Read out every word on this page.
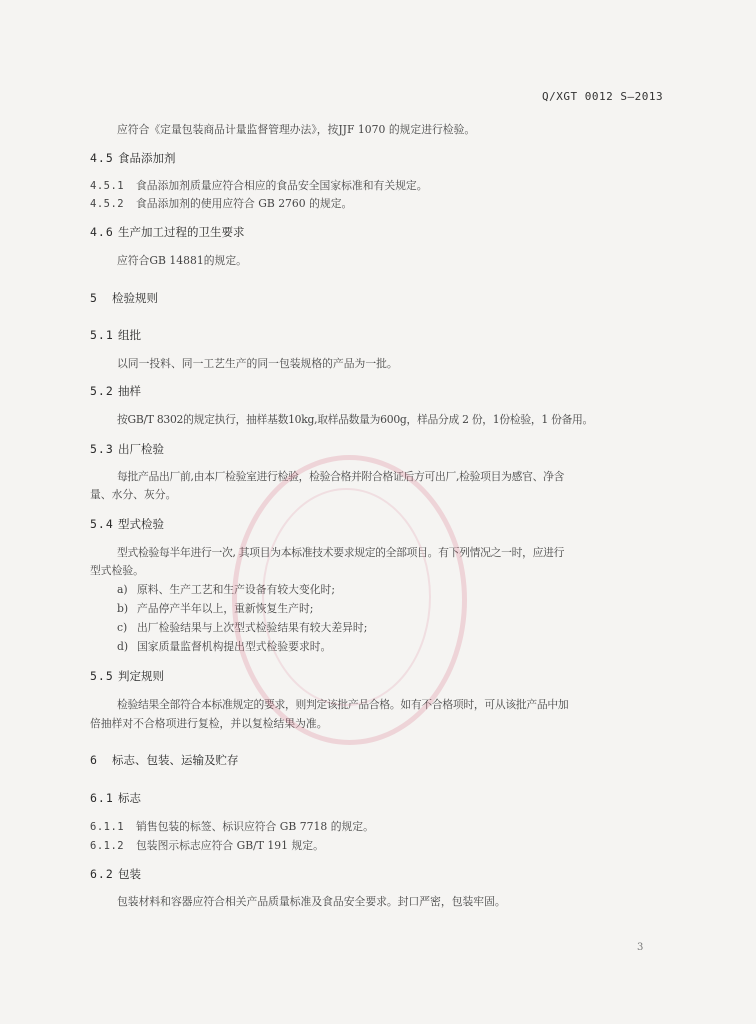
Q/XGT 0012 S—2013
应符合《定量包装商品计量监督管理办法》，按JJF 1070 的规定进行检验。
4.5 食品添加剂
4.5.1 食品添加剂质量应符合相应的食品安全国家标准和有关规定。
4.5.2 食品添加剂的使用应符合 GB 2760 的规定。
4.6 生产加工过程的卫生要求
应符合GB 14881的规定。
5 检验规则
5.1 组批
以同一投料、同一工艺生产的同一包装规格的产品为一批。
5.2 抽样
按GB/T 8302的规定执行，抽样基数10kg,取样品数量为600g，样品分成 2 份，1份检验，1 份备用。
5.3 出厂检验
每批产品出厂前,由本厂检验室进行检验，检验合格并附合格证后方可出厂,检验项目为感官、净含
量、水分、灰分。
5.4 型式检验
型式检验每半年进行一次, 其项目为本标准技术要求规定的全部项目。有下列情况之一时，应进行
型式检验。
a) 原料、生产工艺和生产设备有较大变化时;
b) 产品停产半年以上，重新恢复生产时;
c) 出厂检验结果与上次型式检验结果有较大差异时;
d) 国家质量监督机构提出型式检验要求时。
5.5 判定规则
检验结果全部符合本标准规定的要求，则判定该批产品合格。如有不合格项时，可从该批产品中加
倍抽样对不合格项进行复检，并以复检结果为准。
6 标志、包装、运输及贮存
6.1 标志
6.1.1 销售包装的标签、标识应符合 GB 7718 的规定。
6.1.2 包装图示标志应符合 GB/T 191 规定。
6.2 包装
包装材料和容器应符合相关产品质量标准及食品安全要求。封口严密，包装牢固。
3
